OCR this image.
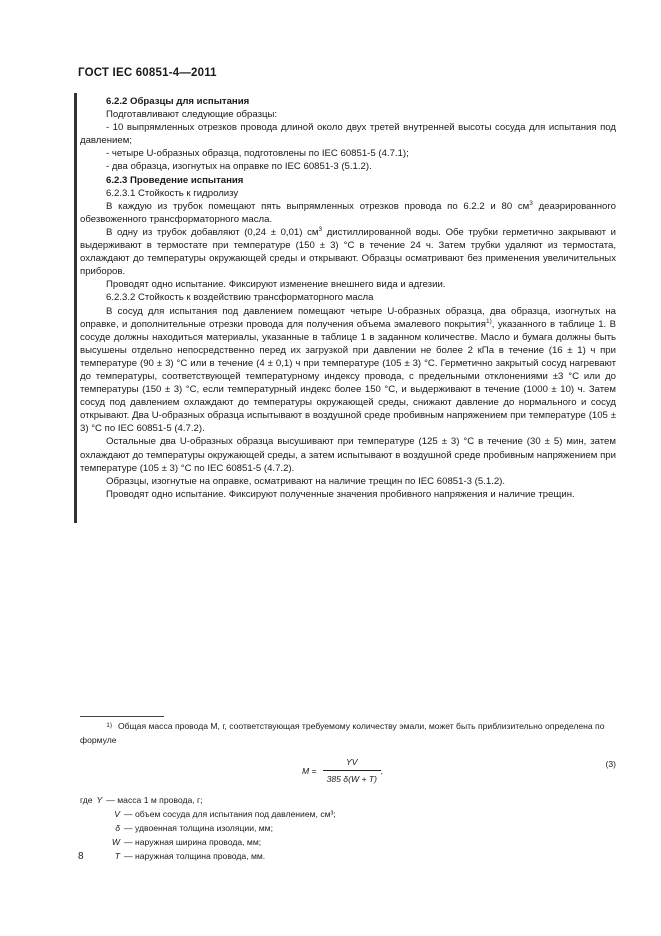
ГОСТ IEC 60851-4—2011

6.2.2 Образцы для испытания

Подготавливают следующие образцы:

- 10 выпрямленных отрезков провода длиной около двух третей внутренней высоты сосуда для испытания под давлением;

- четыре U-образных образца, подготовлены по IEC 60851-5 (4.7.1);

- два образца, изогнутых на оправке по IEC 60851-3 (5.1.2).

6.2.3 Проведение испытания

6.2.3.1 Стойкость к гидролизу

В каждую из трубок помещают пять выпрямленных отрезков провода по 6.2.2 и 80 $см^3$ деаэрированного обезвоженного трансформаторного масла.

В одну из трубок добавляют (0,24 ± 0,01) $см^3$ дистиллированной воды. Обе трубки герметично закрывают и выдерживают в термостате при температуре (150 ± 3) °С в течение 24 ч. Затем трубки удаляют из термостата, охлаждают до температуры окружающей среды и открывают. Образцы осматривают без применения увеличительных приборов.

Проводят одно испытание. Фиксируют изменение внешнего вида и адгезии.

6.2.3.2 Стойкость к воздействию трансформаторного масла

В сосуд для испытания под давлением помещают четыре U-образных образца, два образца, изогнутых на оправке, и дополнительные отрезки провода для получения объема эмалевого покрытия$^{1)}$, указанного в таблице 1. В сосуде должны находиться материалы, указанные в таблице 1 в заданном количестве. Масло и бумага должны быть высушены отдельно непосредственно перед их загрузкой при давлении не более 2 кПа в течение (16 ± 1) ч при температуре (90 ± 3) °С или в течение (4 ± 0,1) ч при температуре (105 ± 3) °С. Герметично закрытый сосуд нагревают до температуры, соответствующей температурному индексу провода, с предельными отклонениями ±3 °С или до температуры (150 ± 3) °С, если температурный индекс более 150 °С, и выдерживают в течение (1000 ± 10) ч. Затем сосуд под давлением охлаждают до температуры окружающей среды, снижают давление до нормального и сосуд открывают. Два U-образных образца испытывают в воздушной среде пробивным напряжением при температуре (105 ± 3) °С по IEC 60851-5 (4.7.2).

Остальные два U-образных образца высушивают при температуре (125 ± 3) °С в течение (30 ± 5) мин, затем охлаждают до температуры окружающей среды, а затем испытывают в воздушной среде пробивным напряжением при температуре (105 ± 3) °С по IEC 60851-5 (4.7.2).

Образцы, изогнутые на оправке, осматривают на наличие трещин по IEC 60851-3 (5.1.2).

Проводят одно испытание. Фиксируют полученные значения пробивного напряжения и наличие трещин.

1) Общая масса провода M, г, соответствующая требуемому количеству эмали, может быть приблизительно определена по формуле

$M = \frac{YV}{385 \delta(W + T)}$ ,
(3)
где Y — масса 1 м провода, г;
V — объем сосуда для испытания под давлением, см³;
δ — удвоенная толщина изоляции, мм;
W — наружная ширина провода, мм;
T — наружная толщина провода, мм.
8
